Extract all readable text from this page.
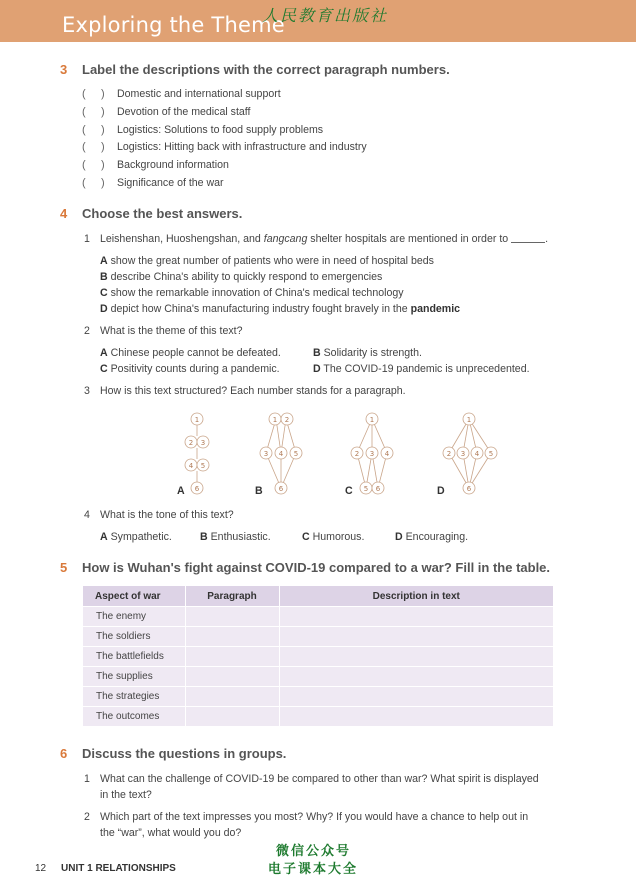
Exploring the Theme
人民教育出版社
3 Label the descriptions with the correct paragraph numbers.
(     ) Domestic and international support
(     ) Devotion of the medical staff
(     ) Logistics: Solutions to food supply problems
(     ) Logistics: Hitting back with infrastructure and industry
(     ) Background information
(     ) Significance of the war
4 Choose the best answers.
1 Leishenshan, Huoshengshan, and fangcang shelter hospitals are mentioned in order to	.
A show the great number of patients who were in need of hospital beds
B describe China's ability to quickly respond to emergencies
C show the remarkable innovation of China's medical technology
D depict how China's manufacturing industry fought bravely in the pandemic
2 What is the theme of this text?
A Chinese people cannot be defeated.	B Solidarity is strength.
C Positivity counts during a pandemic.	D The COVID-19 pandemic is unprecedented.
3 How is this text structured? Each number stands for a paragraph.
1
2 3
4 5
6
1 2
3 4 5
6
1
2 3 4
5 6
1
2 3 4 5
6
A	B	C	D
4 What is the tone of this text?
A Sympathetic.	B Enthusiastic.	C Humorous.	D Encouraging.
5 How is Wuhan's fight against COVID-19 compared to a war? Fill in the table.
Aspect of war	Paragraph	Description in text
The enemy		
The soldiers		
The battlefields		
The supplies		
The strategies		
The outcomes		
6 Discuss the questions in groups.
1 What can the challenge of COVID-19 be compared to other than war? What spirit is displayed
in the text?
2 Which part of the text impresses you most? Why? If you would have a chance to help out in
the “war”, what would you do?
12 UNIT 1 RELATIONSHIPS
微信公众号
电子课本大全
